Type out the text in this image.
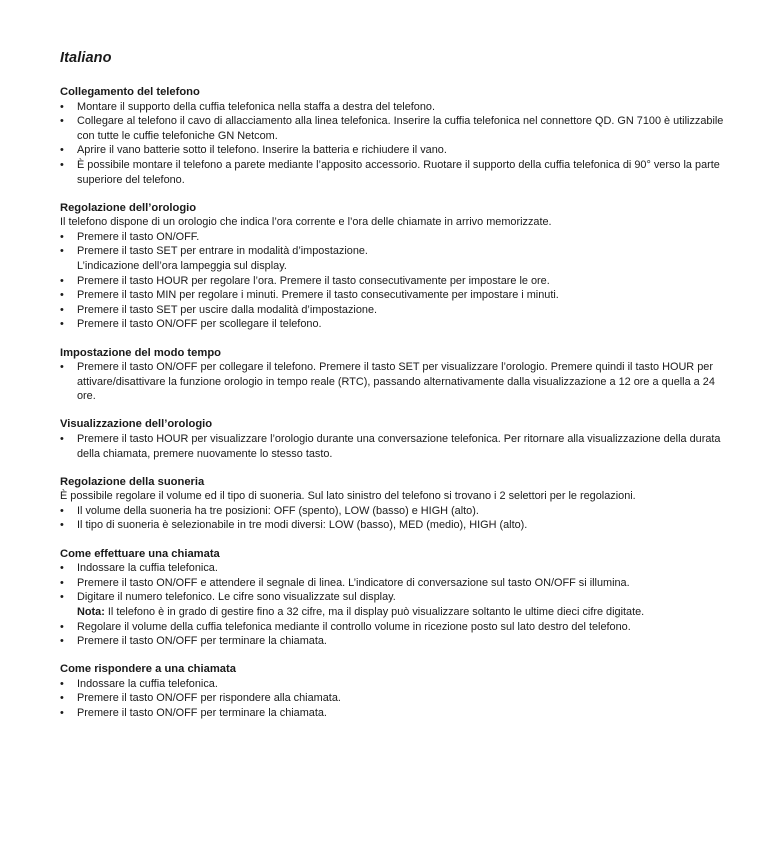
Italiano
Collegamento del telefono
• Montare il supporto della cuffia telefonica nella staffa a destra del telefono.
• Collegare al telefono il cavo di allacciamento alla linea telefonica. Inserire la cuffia telefonica nel connettore QD. GN 7100 è utilizzabile con tutte le cuffie telefoniche GN Netcom.
• Aprire il vano batterie sotto il telefono. Inserire la batteria e richiudere il vano.
• È possibile montare il telefono a parete mediante l’apposito accessorio. Ruotare il supporto della cuffia telefonica di 90° verso la parte superiore del telefono.
Regolazione dell’orologio

Il telefono dispone di un orologio che indica l’ora corrente e l’ora delle chiamate in arrivo memorizzate.

• Premere il tasto ON/OFF.
• Premere il tasto SET per entrare in modalità d’impostazione.
L’indicazione dell’ora lampeggia sul display.
• Premere il tasto HOUR per regolare l’ora. Premere il tasto consecutivamente per impostare le ore.
• Premere il tasto MIN per regolare i minuti. Premere il tasto consecutivamente per impostare i minuti.
• Premere il tasto SET per uscire dalla modalità d’impostazione.
• Premere il tasto ON/OFF per scollegare il telefono.
Impostazione del modo tempo
• Premere il tasto ON/OFF per collegare il telefono. Premere il tasto SET per visualizzare l’orologio. Premere quindi il tasto HOUR per attivare/disattivare la funzione orologio in tempo reale (RTC), passando alternativamente dalla visualizzazione a 12 ore a quella a 24 ore.
Visualizzazione dell’orologio
• Premere il tasto HOUR per visualizzare l’orologio durante una conversazione telefonica. Per ritornare alla visualizzazione della durata della chiamata, premere nuovamente lo stesso tasto.
Regolazione della suoneria

È possibile regolare il volume ed il tipo di suoneria. Sul lato sinistro del telefono si trovano i 2 selettori per le regolazioni.

• Il volume della suoneria ha tre posizioni: OFF (spento), LOW (basso) e HIGH (alto).
• Il tipo di suoneria è selezionabile in tre modi diversi: LOW (basso), MED (medio), HIGH (alto).
Come effettuare una chiamata
• Indossare la cuffia telefonica.
• Premere il tasto ON/OFF e attendere il segnale di linea. L’indicatore di conversazione sul tasto ON/OFF si illumina.
• Digitare il numero telefonico. Le cifre sono visualizzate sul display.
Nota: Il telefono è in grado di gestire fino a 32 cifre, ma il display può visualizzare soltanto le ultime dieci cifre digitate.
• Regolare il volume della cuffia telefonica mediante il controllo volume in ricezione posto sul lato destro del telefono.
• Premere il tasto ON/OFF per terminare la chiamata.
Come rispondere a una chiamata
• Indossare la cuffia telefonica.
• Premere il tasto ON/OFF per rispondere alla chiamata.
• Premere il tasto ON/OFF per terminare la chiamata.
